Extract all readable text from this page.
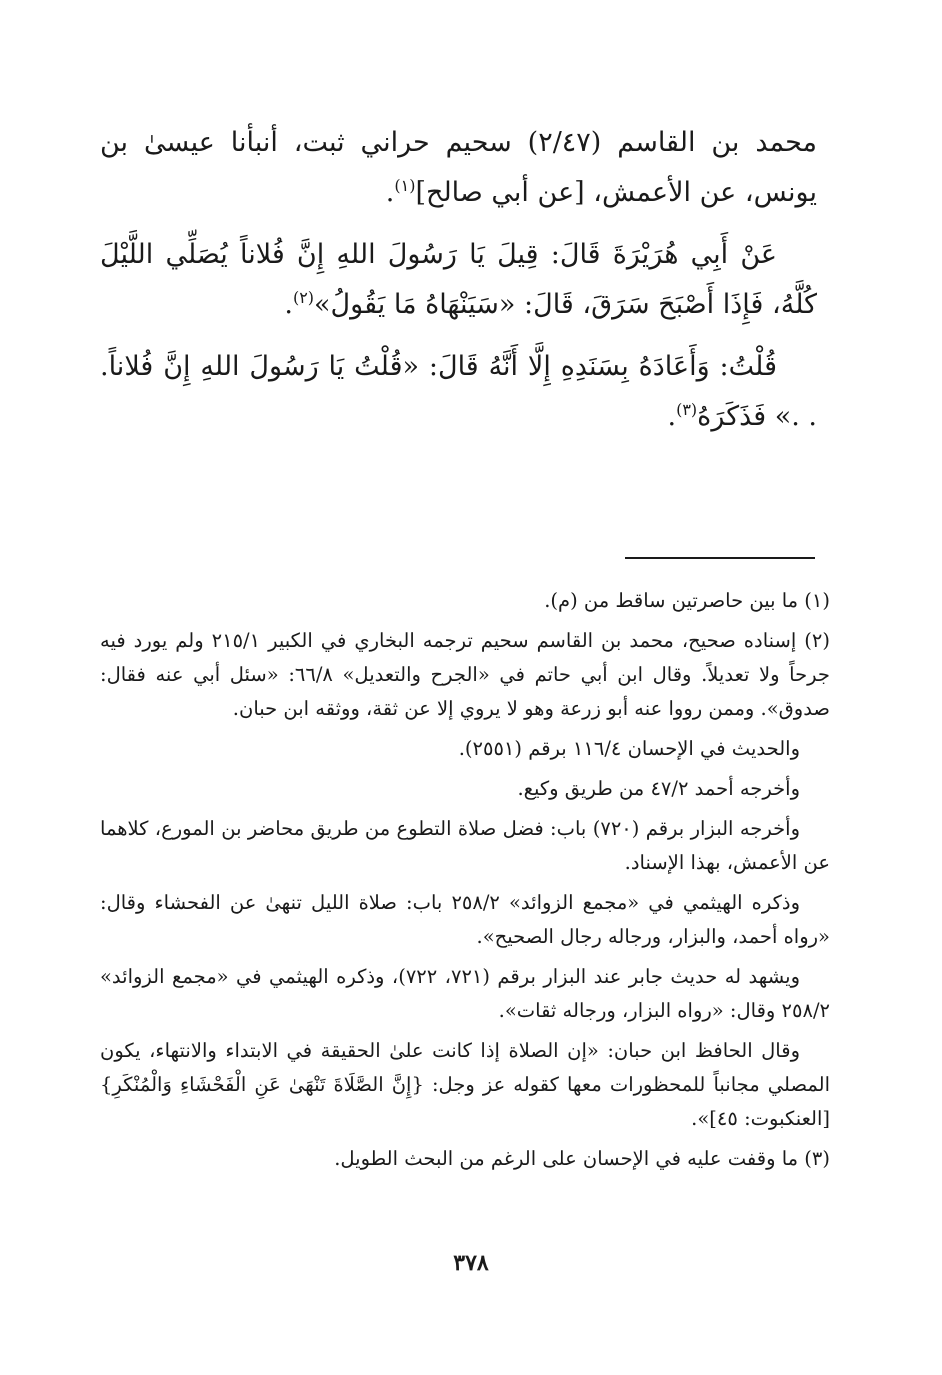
محمد بن القاسم (٢/٤٧) سحيم حراني ثبت، أنبأنا عيسىٰ بن يونس، عن الأعمش، [عن أبي صالح]$^{(١)}$.

عَنْ أَبِي هُرَيْرَةَ قَالَ: قِيلَ يَا رَسُولَ اللهِ إِنَّ فُلاناً يُصَلِّي اللَّيْلَ كُلَّهُ، فَإِذَا أَصْبَحَ سَرَقَ، قَالَ: «سَيَنْهَاهُ مَا يَقُولُ»$^{(٢)}$.

قُلْتُ: وَأَعَادَهُ بِسَنَدِهِ إِلَّا أَنَّهُ قَالَ: «قُلْتُ يَا رَسُولَ اللهِ إِنَّ فُلاناً. . .» فَذَكَرَهُ$^{(٣)}$.

(١) ما بين حاصرتين ساقط من (م).

(٢) إسناده صحيح، محمد بن القاسم سحيم ترجمه البخاري في الكبير ٢١٥/١ ولم يورد فيه جرحاً ولا تعديلاً. وقال ابن أبي حاتم في «الجرح والتعديل» ٦٦/٨: «سئل أبي عنه فقال: صدوق». وممن رووا عنه أبو زرعة وهو لا يروي إلا عن ثقة، ووثقه ابن حبان.

والحديث في الإحسان ١١٦/٤ برقم (٢٥٥١).

وأخرجه أحمد ٤٧/٢ من طريق وكيع.

وأخرجه البزار برقم (٧٢٠) باب: فضل صلاة التطوع من طريق محاضر بن المورع، كلاهما عن الأعمش، بهذا الإسناد.

وذكره الهيثمي في «مجمع الزوائد» ٢٥٨/٢ باب: صلاة الليل تنهىٰ عن الفحشاء وقال: «رواه أحمد، والبزار، ورجاله رجال الصحيح».

ويشهد له حديث جابر عند البزار برقم (٧٢١، ٧٢٢)، وذكره الهيثمي في «مجمع الزوائد» ٢٥٨/٢ وقال: «رواه البزار، ورجاله ثقات».

وقال الحافظ ابن حبان: «إن الصلاة إذا كانت علىٰ الحقيقة في الابتداء والانتهاء، يكون المصلي مجانباً للمحظورات معها كقوله عز وجل: {إِنَّ الصَّلَاةَ تَنْهَىٰ عَنِ الْفَحْشَاءِ وَالْمُنْكَرِ} [العنكبوت: ٤٥]».

(٣) ما وقفت عليه في الإحسان على الرغم من البحث الطويل.

٣٧٨
